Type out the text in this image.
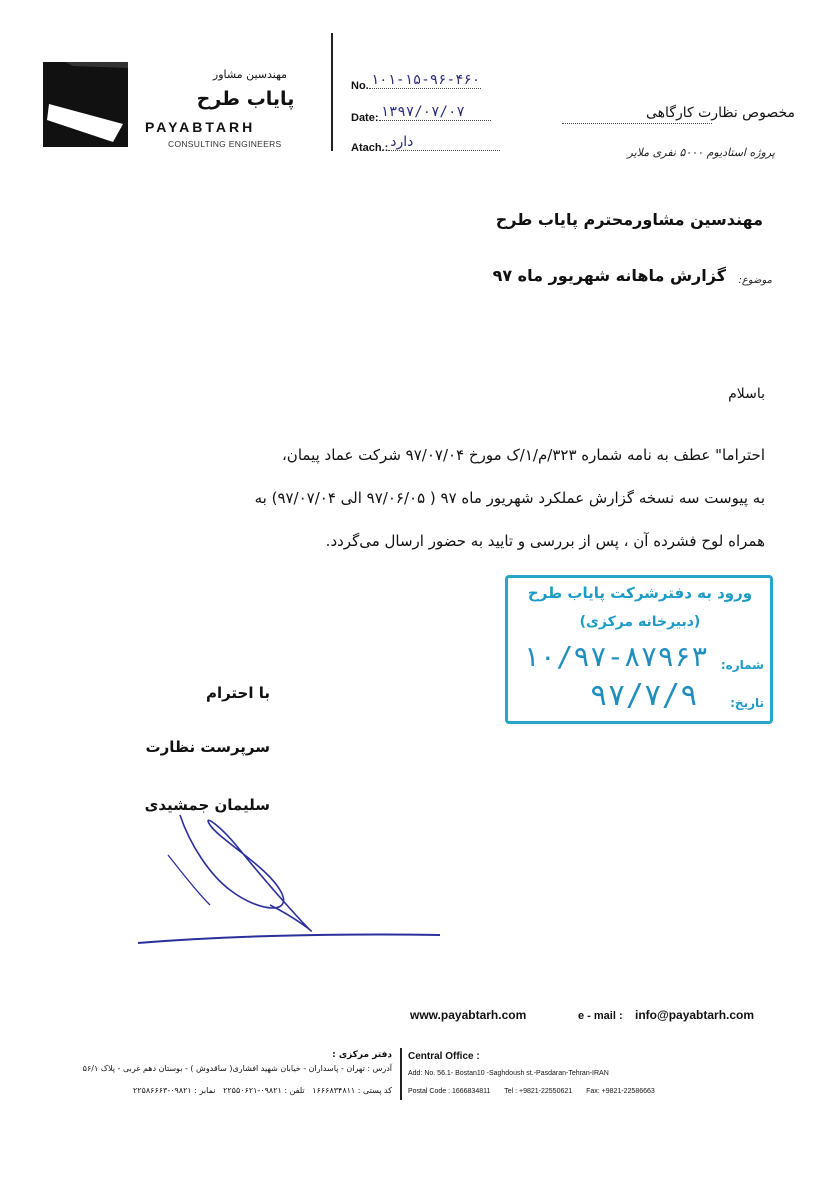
مهندسین مشاور
پایاب طرح
PAYABTARH
CONSULTING ENGINEERS
No. ۱۰۱-۱۵-۹۶-۴۶۰
Date: ۱۳۹۷/۰۷/۰۷
Atach.: دارد
مخصوص نظارت کارگاهی
پروژه استادیوم ۵۰۰۰ نفری ملایر
مهندسین مشاورمحترم پایاب طرح
موضوع:
گزارش ماهانه شهریور ماه ۹۷
باسلام
احتراما" عطف به نامه شماره ۳۲۳/م/۱/ک مورخ ۹۷/۰۷/۰۴ شرکت عماد پیمان،
به پیوست سه نسخه گزارش عملکرد شهریور ماه ۹۷ ( ۹۷/۰۶/۰۵ الی ۹۷/۰۷/۰۴) به
همراه لوح فشرده آن ، پس از بررسی و تایید به حضور ارسال می‌گردد.
ورود به دفترشرکت پایاب طرح
(دبیرخانه مرکزی)
شماره:
۱۰/۹۷-۸۷۹۶۳
تاریخ:
۹۷/۷/۹
با احترام
سرپرست نظارت
سلیمان جمشیدی
www.payabtarh.com	e - mail : info@payabtarh.com
دفتر مرکزی :
آدرس : تهران - پاسداران - خیابان شهید افشاری( ساقدوش ) - بوستان دهم غربی - پلاک ۵۶/۱
کد پستی : ۱۶۶۶۸۳۴۸۱۱   تلفن : ۰۹۸۲۱-۲۲۵۵۰۶۲۱   نمابر : ۰۹۸۲۱-۲۲۵۸۶۶۶۳
Central Office :
Add: No. 56.1- Bostan10 -Saghdoush st.-Pasdaran-Tehran-IRAN
Postal Code : 1666834811 Tel : +9821-22550621 Fax: +9821-22586663
